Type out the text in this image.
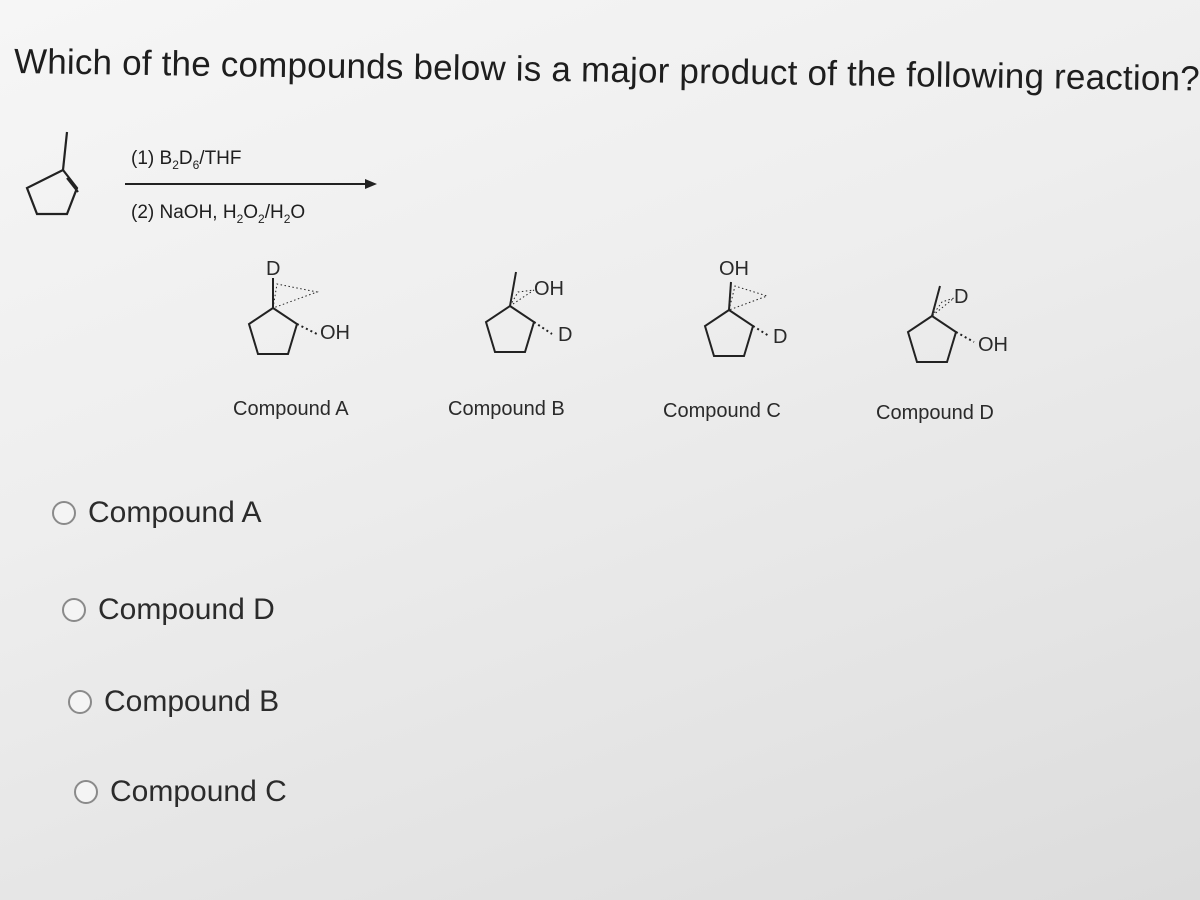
Which of the compounds below is a major product of the following reaction?
(1) $B_2D_6$/THF
(2) NaOH, $H_2O_2/H_2O$
D
OH
Compound A
OH
D
Compound B
OH
D
Compound C
D
OH
Compound D
Compound A
Compound D
Compound B
Compound C
